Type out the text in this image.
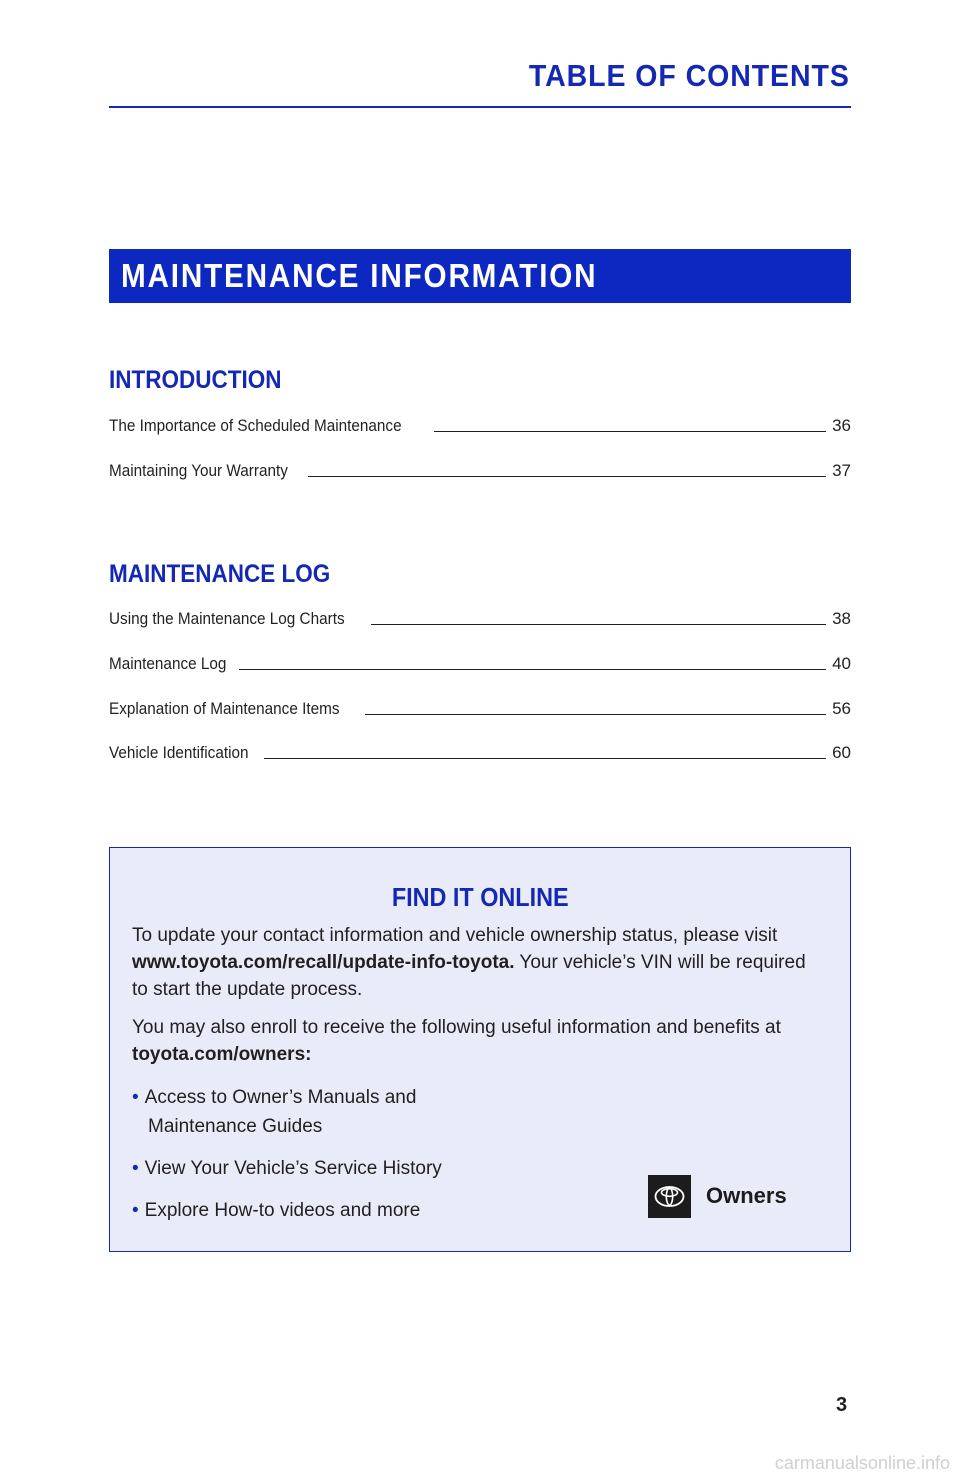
TABLE OF CONTENTS
MAINTENANCE INFORMATION
INTRODUCTION
The Importance of Scheduled Maintenance	36
Maintaining Your Warranty	37
MAINTENANCE LOG
Using the Maintenance Log Charts	38
Maintenance Log	40
Explanation of Maintenance Items	56
Vehicle Identification	60
FIND IT ONLINE
To update your contact information and vehicle ownership status, please visit www.toyota.com/recall/update-info-toyota. Your vehicle’s VIN will be required to start the update process.
You may also enroll to receive the following useful information and benefits at toyota.com/owners:
• Access to Owner’s Manuals and
Maintenance Guides
• View Your Vehicle’s Service History
• Explore How-to videos and more
Owners
3
carmanualsonline.info
